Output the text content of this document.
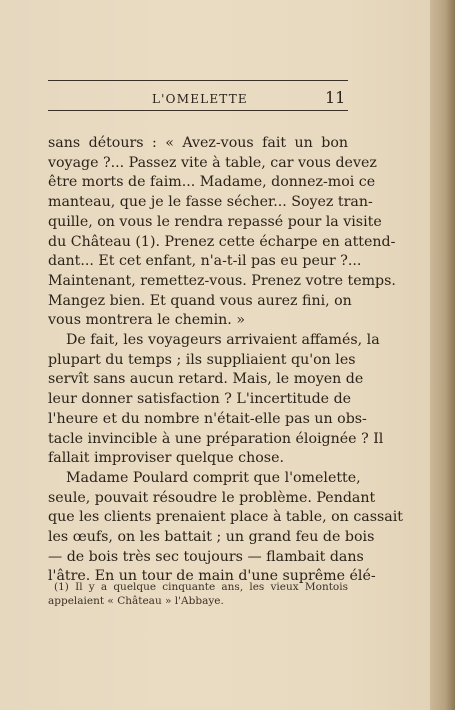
L'OMELETTE	11
sans détours : « Avez-vous fait un bon
voyage ?... Passez vite à table, car vous devez
être morts de faim... Madame, donnez-moi ce
manteau, que je le fasse sécher... Soyez tran-
quille, on vous le rendra repassé pour la visite
du Château (1). Prenez cette écharpe en attend-
dant... Et cet enfant, n'a-t-il pas eu peur ?...
Maintenant, remettez-vous. Prenez votre temps.
Mangez bien. Et quand vous aurez fini, on
vous montrera le chemin. »
De fait, les voyageurs arrivaient affamés, la
plupart du temps ; ils suppliaient qu'on les
servît sans aucun retard. Mais, le moyen de
leur donner satisfaction ? L'incertitude de
l'heure et du nombre n'était-elle pas un obs-
tacle invincible à une préparation éloignée ? Il
fallait improviser quelque chose.
Madame Poulard comprit que l'omelette,
seule, pouvait résoudre le problème. Pendant
que les clients prenaient place à table, on cassait
les œufs, on les battait ; un grand feu de bois
— de bois très sec toujours — flambait dans
l'âtre. En un tour de main d'une suprême élé-
(1) Il y a quelque cinquante ans, les vieux Montois
appelaient « Château » l'Abbaye.
